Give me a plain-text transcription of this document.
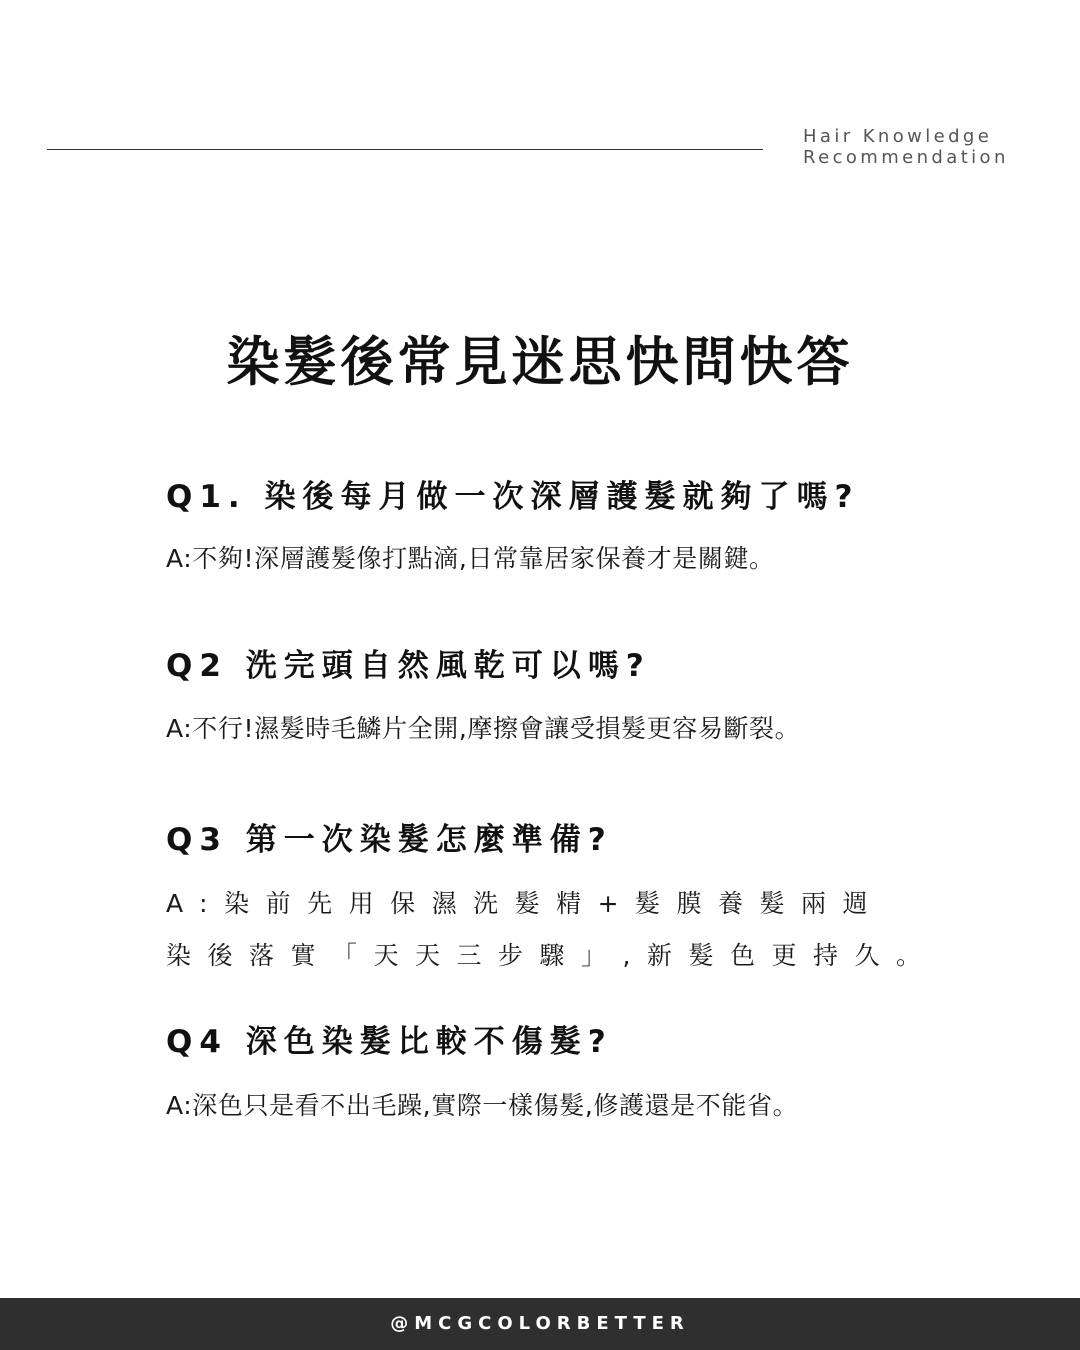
Hair Knowledge
Recommendation
染髮後常見迷思快問快答
Q1. 染後每月做一次深層護髮就夠了嗎?
A:不夠!深層護髮像打點滴,日常靠居家保養才是關鍵。
Q2 洗完頭自然風乾可以嗎?
A:不行!濕髮時毛鱗片全開,摩擦會讓受損髮更容易斷裂。
Q3 第一次染髮怎麼準備?
A:染前先用保濕洗髮精+髮膜養髮兩週
染後落實「天天三步驟」,新髮色更持久。
Q4 深色染髮比較不傷髮?
A:深色只是看不出毛躁,實際一樣傷髮,修護還是不能省。
@MCGCOLORBETTER
